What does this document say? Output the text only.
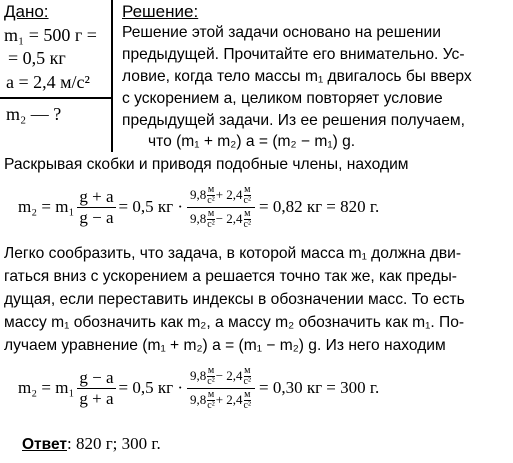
Дано:
m₁ = 500 г =
= 0,5 кг
a = 2,4 м/с²
m₂ — ?
Решение:
Решение этой задачи основано на решении
предыдущей. Прочитайте его внимательно. Ус-
ловие, когда тело массы m₁ двигалось бы вверх
с ускорением a, целиком повторяет условие
предыдущей задачи. Из ее решения получаем,
что (m₁ + m₂) a = (m₂ − m₁) g.
Раскрывая скобки и приводя подобные члены, находим
$m_2 = m_1 \frac{g + a}{g - a} = 0,5$ кг · 9,8 м
с² + 2,4 м
с²
9,8 м
с² − 2,4 м
с² = 0,82 кг = 820 г.
Легко сообразить, что задача, в которой масса m₁ должна дви-
гаться вниз с ускорением a решается точно так же, как преды-
дущая, если переставить индексы в обозначении масс. То есть
массу m₁ обозначить как m₂, а массу m₂ обозначить как m₁. По-
лучаем уравнение (m₁ + m₂) a = (m₁ − m₂) g. Из него находим
$m_2 = m_1 \frac{g - a}{g + a} = 0,5$ кг · 9,8 м
с² − 2,4 м
с²
9,8 м
с² + 2,4 м
с² = 0,30 кг = 300 г.
Ответ: 820 г; 300 г.
